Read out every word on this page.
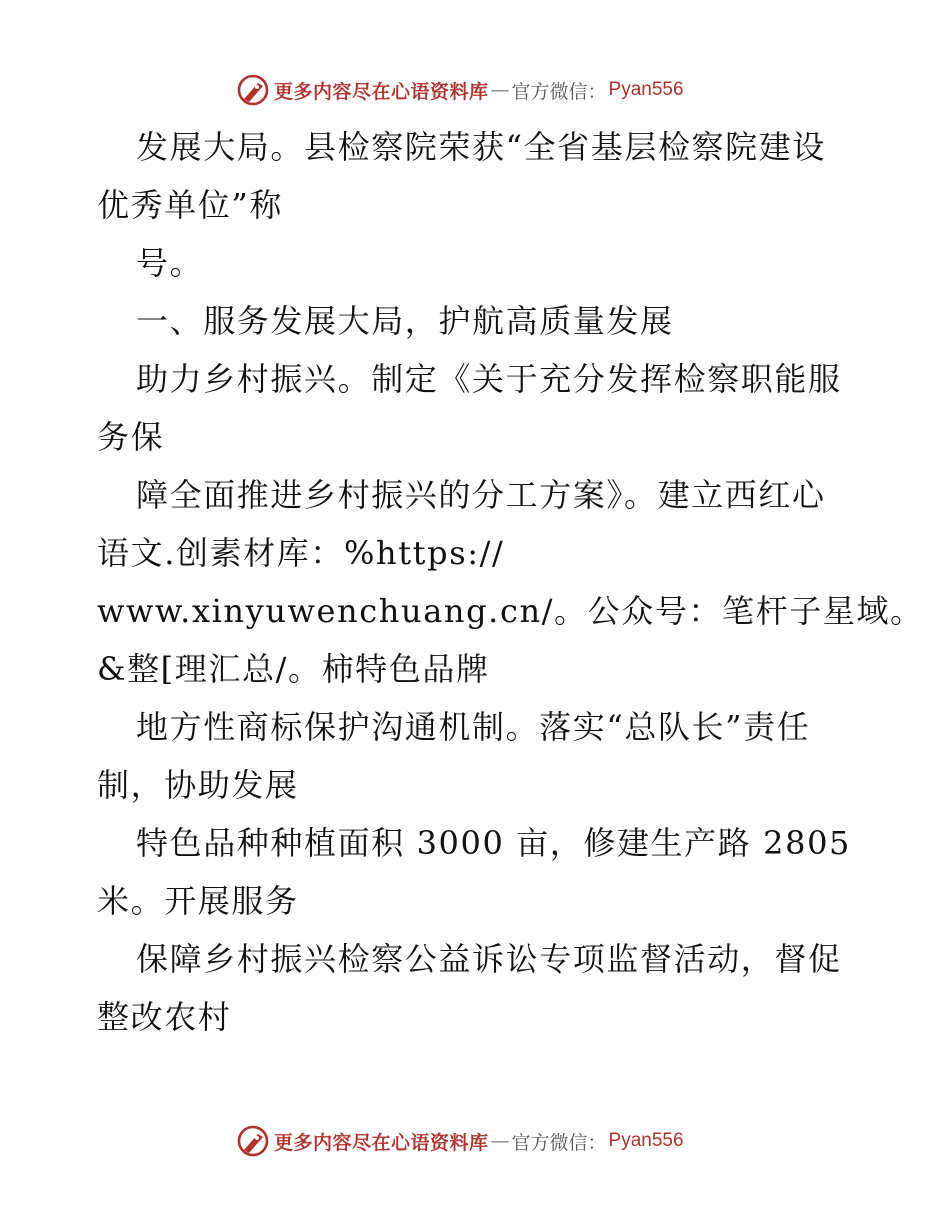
更多内容尽在心语资料库 — 官方微信： Pyan556
发展大局。县检察院荣获“全省基层检察院建设
优秀单位”称
号。
一、服务发展大局，护航高质量发展
助力乡村振兴。制定《关于充分发挥检察职能服
务保
障全面推进乡村振兴的分工方案》。建立西红心
语文.创素材库：%https://
www.xinyuwenchuang.cn/。公众号：笔杆子星域。
&整[理汇总/。柿特色品牌
地方性商标保护沟通机制。落实“总队长”责任
制，协助发展
特色品种种植面积 3000 亩，修建生产路 2805
米。开展服务
保障乡村振兴检察公益诉讼专项监督活动，督促
整改农村
更多内容尽在心语资料库 — 官方微信： Pyan556
